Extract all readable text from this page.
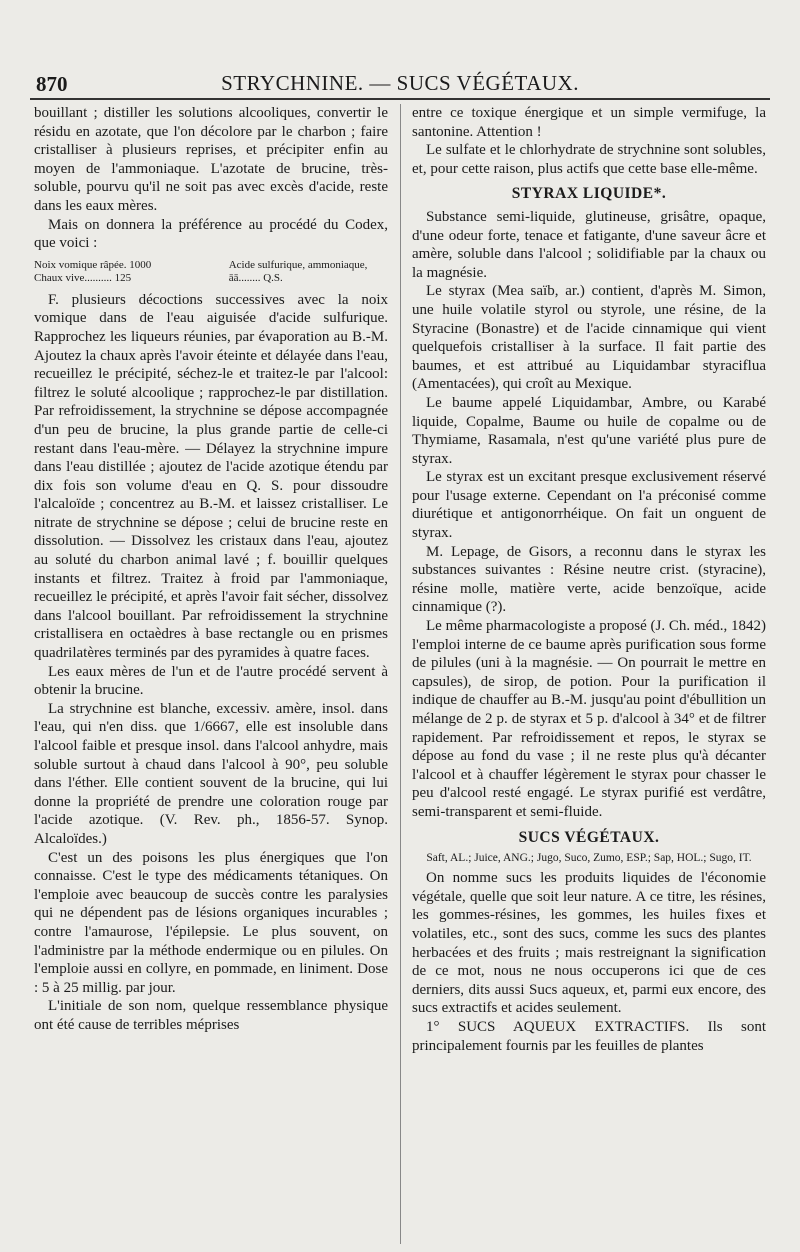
870	STRYCHNINE. — SUCS VÉGÉTAUX.

bouillant ; distiller les solutions alcooliques, convertir le résidu en azotate, que l'on décolore par le charbon ; faire cristalliser à plusieurs reprises, et précipiter enfin au moyen de l'ammoniaque. L'azotate de brucine, très-soluble, pourvu qu'il ne soit pas avec excès d'acide, reste dans les eaux mères.

Mais on donnera la préférence au procédé du Codex, que voici :

Noix vomique râpée. 1000
Chaux vive.......... 125
Acide sulfurique, ammoniaque, āā........ Q.S.

F. plusieurs décoctions successives avec la noix vomique dans de l'eau aiguisée d'acide sulfurique. Rapprochez les liqueurs réunies, par évaporation au B.-M. Ajoutez la chaux après l'avoir éteinte et délayée dans l'eau, recueillez le précipité, séchez-le et traitez-le par l'alcool: filtrez le soluté alcoolique ; rapprochez-le par distillation. Par refroidissement, la strychnine se dépose accompagnée d'un peu de brucine, la plus grande partie de celle-ci restant dans l'eau-mère. — Délayez la strychnine impure dans l'eau distillée ; ajoutez de l'acide azotique étendu par dix fois son volume d'eau en Q. S. pour dissoudre l'alcaloïde ; concentrez au B.-M. et laissez cristalliser. Le nitrate de strychnine se dépose ; celui de brucine reste en dissolution. — Dissolvez les cristaux dans l'eau, ajoutez au soluté du charbon animal lavé ; f. bouillir quelques instants et filtrez. Traitez à froid par l'ammoniaque, recueillez le précipité, et après l'avoir fait sécher, dissolvez dans l'alcool bouillant. Par refroidissement la strychnine cristallisera en octaèdres à base rectangle ou en prismes quadrilatères terminés par des pyramides à quatre faces.

Les eaux mères de l'un et de l'autre procédé servent à obtenir la brucine.

La strychnine est blanche, excessiv. amère, insol. dans l'eau, qui n'en diss. que 1/6667, elle est insoluble dans l'alcool faible et presque insol. dans l'alcool anhydre, mais soluble surtout à chaud dans l'alcool à 90°, peu soluble dans l'éther. Elle contient souvent de la brucine, qui lui donne la propriété de prendre une coloration rouge par l'acide azotique. (V. Rev. ph., 1856-57. Synop. Alcaloïdes.)

C'est un des poisons les plus énergiques que l'on connaisse. C'est le type des médicaments tétaniques. On l'emploie avec beaucoup de succès contre les paralysies qui ne dépendent pas de lésions organiques incurables ; contre l'amaurose, l'épilepsie. Le plus souvent, on l'administre par la méthode endermique ou en pilules. On l'emploie aussi en collyre, en pommade, en liniment. Dose : 5 à 25 millig. par jour.

L'initiale de son nom, quelque ressemblance physique ont été cause de terribles méprises

entre ce toxique énergique et un simple vermifuge, la santonine. Attention !

Le sulfate et le chlorhydrate de strychnine sont solubles, et, pour cette raison, plus actifs que cette base elle-même.

STYRAX LIQUIDE*.

Substance semi-liquide, glutineuse, grisâtre, opaque, d'une odeur forte, tenace et fatigante, d'une saveur âcre et amère, soluble dans l'alcool ; solidifiable par la chaux ou la magnésie.

Le styrax (Mea saïb, ar.) contient, d'après M. Simon, une huile volatile styrol ou styrole, une résine, de la Styracine (Bonastre) et de l'acide cinnamique qui vient quelquefois cristalliser à la surface. Il fait partie des baumes, et est attribué au Liquidambar styraciflua (Amentacées), qui croît au Mexique.

Le baume appelé Liquidambar, Ambre, ou Karabé liquide, Copalme, Baume ou huile de copalme ou de Thymiame, Rasamala, n'est qu'une variété plus pure de styrax.

Le styrax est un excitant presque exclusivement réservé pour l'usage externe. Cependant on l'a préconisé comme diurétique et antigonorrhéique. On fait un onguent de styrax.

M. Lepage, de Gisors, a reconnu dans le styrax les substances suivantes : Résine neutre crist. (styracine), résine molle, matière verte, acide benzoïque, acide cinnamique (?).

Le même pharmacologiste a proposé (J. Ch. méd., 1842) l'emploi interne de ce baume après purification sous forme de pilules (uni à la magnésie. — On pourrait le mettre en capsules), de sirop, de potion. Pour la purification il indique de chauffer au B.-M. jusqu'au point d'ébullition un mélange de 2 p. de styrax et 5 p. d'alcool à 34° et de filtrer rapidement. Par refroidissement et repos, le styrax se dépose au fond du vase ; il ne reste plus qu'à décanter l'alcool et à chauffer légèrement le styrax pour chasser le peu d'alcool resté engagé. Le styrax purifié est verdâtre, semi-transparent et semi-fluide.

SUCS VÉGÉTAUX.
Saft, AL.; Juice, ANG.; Jugo, Suco, Zumo, ESP.; Sap, HOL.; Sugo, IT.

On nomme sucs les produits liquides de l'économie végétale, quelle que soit leur nature. A ce titre, les résines, les gommes-résines, les gommes, les huiles fixes et volatiles, etc., sont des sucs, comme les sucs des plantes herbacées et des fruits ; mais restreignant la signification de ce mot, nous ne nous occuperons ici que de ces derniers, dits aussi Sucs aqueux, et, parmi eux encore, des sucs extractifs et acides seulement.

1° SUCS AQUEUX EXTRACTIFS. Ils sont principalement fournis par les feuilles de plantes
